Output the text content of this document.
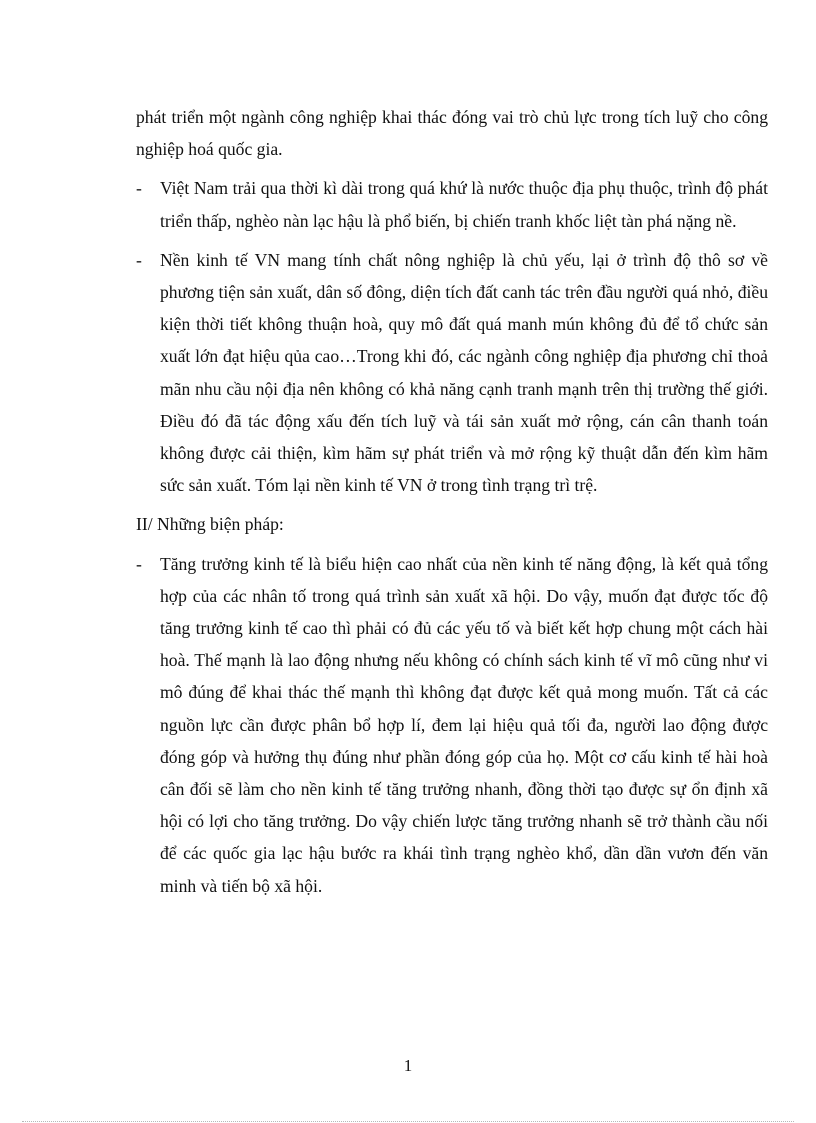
phát triển một ngành công nghiệp khai thác đóng vai trò chủ lực trong tích luỹ cho công nghiệp hoá quốc gia.

- Việt Nam trải qua thời kì dài trong quá khứ là nước thuộc địa phụ thuộc, trình độ phát triển thấp, nghèo nàn lạc hậu là phổ biến, bị chiến tranh khốc liệt tàn phá nặng nề.
- Nền kinh tế VN mang tính chất nông nghiệp là chủ yếu, lại ở trình độ thô sơ về phương tiện sản xuất, dân số đông, diện tích đất canh tác trên đầu người quá nhỏ, điều kiện thời tiết không thuận hoà, quy mô đất quá manh mún không đủ để tổ chức sản xuất lớn đạt hiệu qủa cao…Trong khi đó, các ngành công nghiệp địa phương chỉ thoả mãn nhu cầu nội địa nên không có khả năng cạnh tranh mạnh trên thị trường thế giới. Điều đó đã tác động xấu đến tích luỹ và tái sản xuất mở rộng, cán cân thanh toán không được cải thiện, kìm hãm sự phát triển và mở rộng kỹ thuật dẫn đến kìm hãm sức sản xuất. Tóm lại nền kinh tế VN ở trong tình trạng trì trệ.

II/ Những biện pháp:

- Tăng trưởng kinh tế là biểu hiện cao nhất của nền kinh tế năng động, là kết quả tổng hợp của các nhân tố trong quá trình sản xuất xã hội. Do vậy, muốn đạt được tốc độ tăng trưởng kinh tế cao thì phải có đủ các yếu tố và biết kết hợp chung một cách hài hoà. Thế mạnh là lao động nhưng nếu không có chính sách kinh tế vĩ mô cũng như vi mô đúng để khai thác thế mạnh thì không đạt được kết quả mong muốn. Tất cả các nguồn lực cần được phân bổ hợp lí, đem lại hiệu quả tối đa, người lao động được đóng góp và hưởng thụ đúng như phần đóng góp của họ. Một cơ cấu kinh tế hài hoà cân đối sẽ làm cho nền kinh tế tăng trưởng nhanh, đồng thời tạo được sự ổn định xã hội có lợi cho tăng trưởng. Do vậy chiến lược tăng trưởng nhanh sẽ trở thành cầu nối để các quốc gia lạc hậu bước ra khái tình trạng nghèo khổ, dần dần vươn đến văn minh và tiến bộ xã hội.
1
